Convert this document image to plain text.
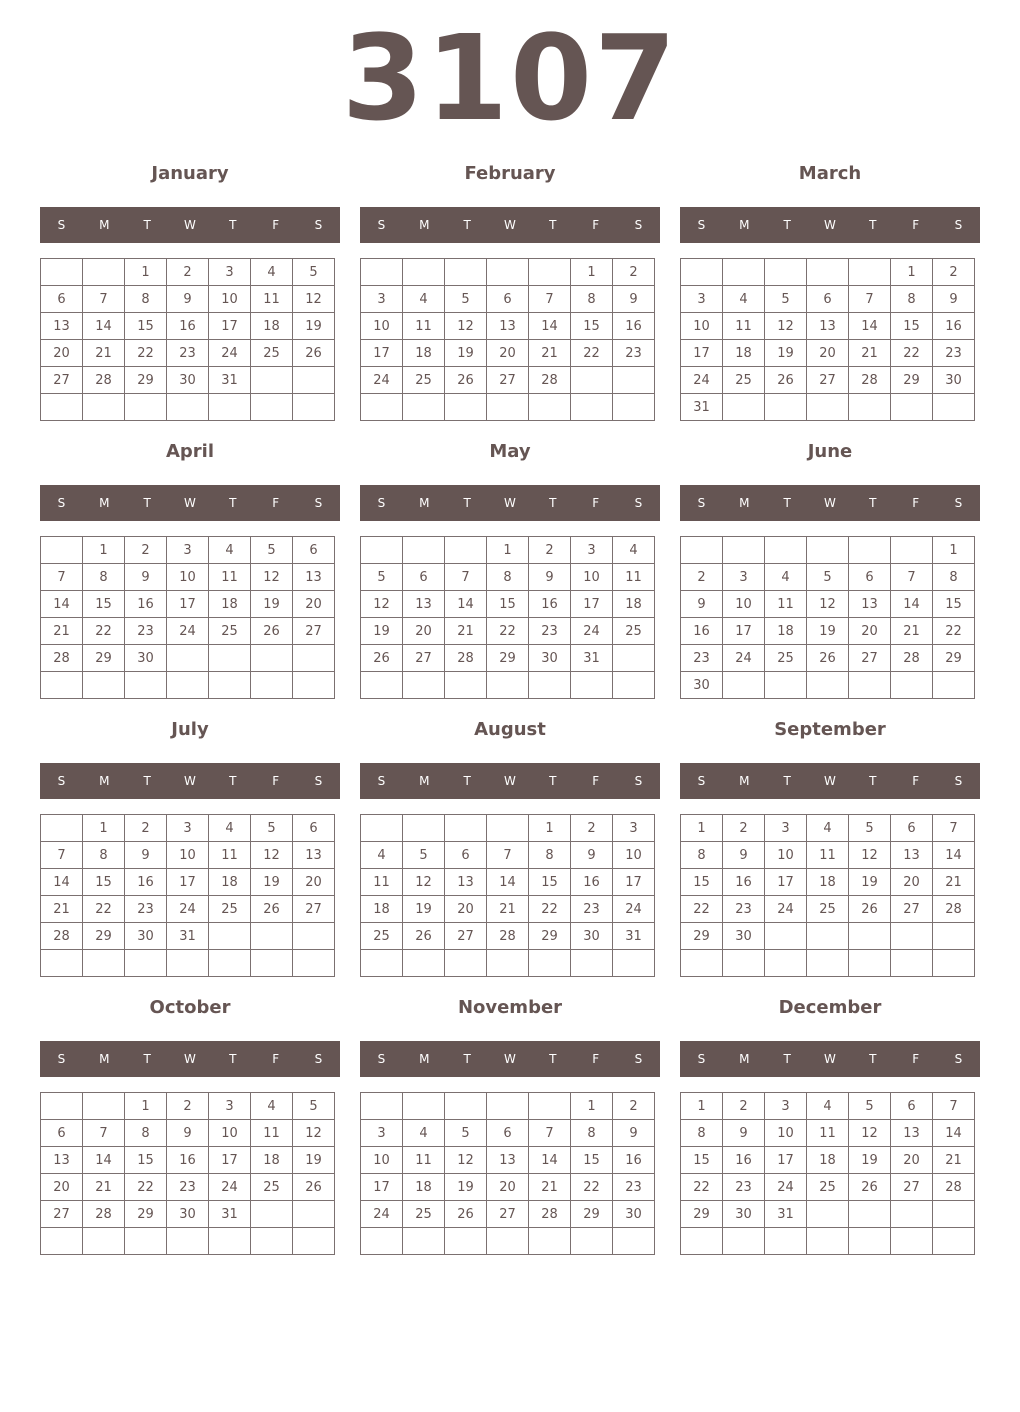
3107
January
S	M	T	W	T	F	S
		1	2	3	4	5
6	7	8	9	10	11	12
13	14	15	16	17	18	19
20	21	22	23	24	25	26
27	28	29	30	31		

February
S	M	T	W	T	F	S
					1	2
3	4	5	6	7	8	9
10	11	12	13	14	15	16
17	18	19	20	21	22	23
24	25	26	27	28		

March
S	M	T	W	T	F	S
					1	2
3	4	5	6	7	8	9
10	11	12	13	14	15	16
17	18	19	20	21	22	23
24	25	26	27	28	29	30
31						
April
S	M	T	W	T	F	S
	1	2	3	4	5	6
7	8	9	10	11	12	13
14	15	16	17	18	19	20
21	22	23	24	25	26	27
28	29	30				

May
S	M	T	W	T	F	S
			1	2	3	4
5	6	7	8	9	10	11
12	13	14	15	16	17	18
19	20	21	22	23	24	25
26	27	28	29	30	31	

June
S	M	T	W	T	F	S
						1
2	3	4	5	6	7	8
9	10	11	12	13	14	15
16	17	18	19	20	21	22
23	24	25	26	27	28	29
30						
July
S	M	T	W	T	F	S
	1	2	3	4	5	6
7	8	9	10	11	12	13
14	15	16	17	18	19	20
21	22	23	24	25	26	27
28	29	30	31			

August
S	M	T	W	T	F	S
				1	2	3
4	5	6	7	8	9	10
11	12	13	14	15	16	17
18	19	20	21	22	23	24
25	26	27	28	29	30	31

September
S	M	T	W	T	F	S
1	2	3	4	5	6	7
8	9	10	11	12	13	14
15	16	17	18	19	20	21
22	23	24	25	26	27	28
29	30					

October
S	M	T	W	T	F	S
		1	2	3	4	5
6	7	8	9	10	11	12
13	14	15	16	17	18	19
20	21	22	23	24	25	26
27	28	29	30	31		

November
S	M	T	W	T	F	S
					1	2
3	4	5	6	7	8	9
10	11	12	13	14	15	16
17	18	19	20	21	22	23
24	25	26	27	28	29	30

December
S	M	T	W	T	F	S
1	2	3	4	5	6	7
8	9	10	11	12	13	14
15	16	17	18	19	20	21
22	23	24	25	26	27	28
29	30	31				
